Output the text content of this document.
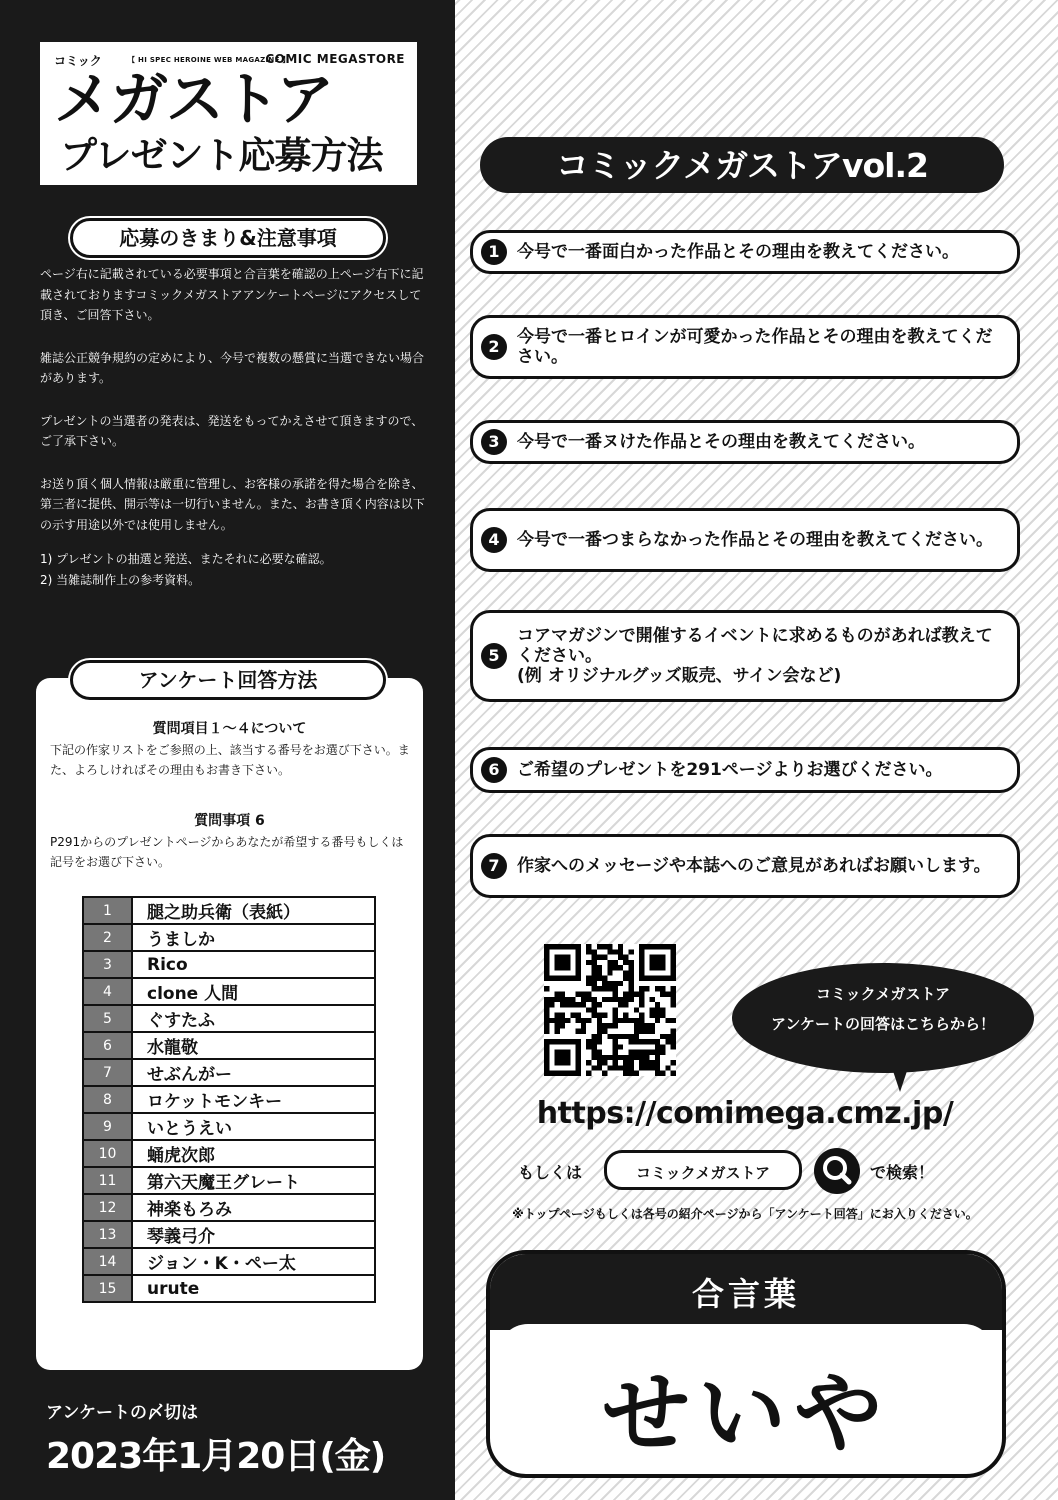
コミック	【 HI SPEC HEROINE WEB MAGAZINE 】
COMIC MEGASTORE
メガストア
プレゼント応募方法
応募のきまり&注意事項

ページ右に記載されている必要事項と合言葉を確認の上ページ右下に記載されておりますコミックメガストアアンケートページにアクセスして頂き、ご回答下さい。

雑誌公正競争規約の定めにより、今号で複数の懸賞に当選できない場合があります。

プレゼントの当選者の発表は、発送をもってかえさせて頂きますので、ご了承下さい。

お送り頂く個人情報は厳重に管理し、お客様の承諾を得た場合を除き、第三者に提供、開示等は一切行いません。また、お書き頂く内容は以下の示す用途以外では使用しません。

1) プレゼントの抽選と発送、またそれに必要な確認。
2) 当雑誌制作上の参考資料。
質問項目１～４について
下記の作家リストをご参照の上、該当する番号をお選び下さい。また、よろしければその理由もお書き下さい。
質問事項 6
P291からのプレゼントページからあなたが希望する番号もしくは記号をお選び下さい。
1	腿之助兵衛（表紙）
2	うましか
3	Rico
4	clone 人間
5	ぐすたふ
6	水龍敬
7	せぶんがー
8	ロケットモンキー
9	いとうえい
10	蛹虎次郎
11	第六天魔王グレート
12	神楽もろみ
13	琴義弓介
14	ジョン・K・ペー太
15	urute
アンケート回答方法
アンケートの〆切は
2023年1月20日(金)
コミックメガストアvol.2
1	今号で一番面白かった作品とその理由を教えてください。
2	今号で一番ヒロインが可愛かった作品とその理由を教えてください。
3	今号で一番ヌけた作品とその理由を教えてください。
4	今号で一番つまらなかった作品とその理由を教えてください。
5
コアマガジンで開催するイベントに求めるものがあれば教えてください。
(例 オリジナルグッズ販売、サイン会など)
6	ご希望のプレゼントを291ページよりお選びください。
7	作家へのメッセージや本誌へのご意見があればお願いします。
コミックメガストア
アンケートの回答はこちらから！
https://comimega.cmz.jp/
もしくは	コミックメガストア	で検索！
※トップページもしくは各号の紹介ページから「アンケート回答」にお入りください。
合言葉
せいや
